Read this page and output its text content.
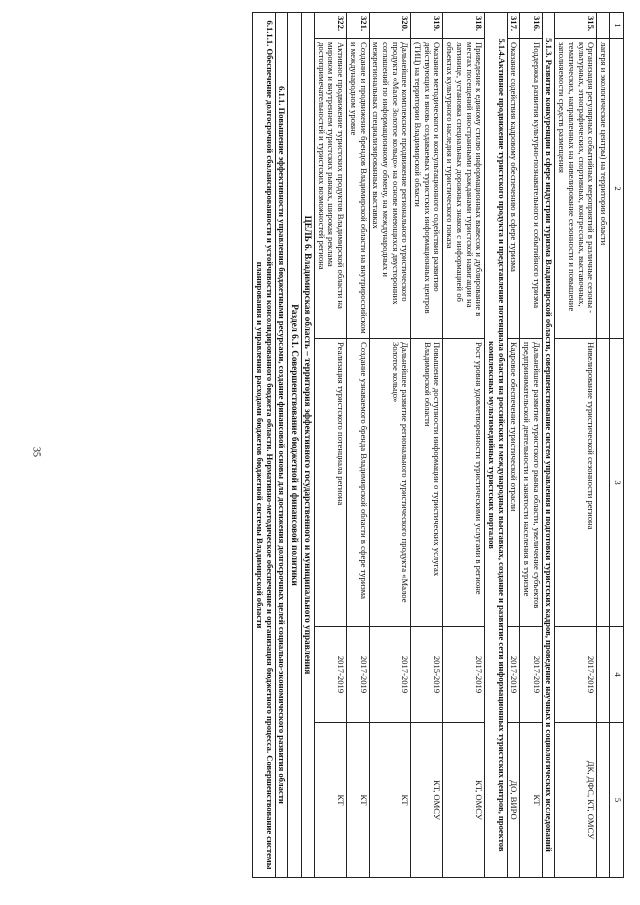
35
1	2	3	4	5
	лагеря и экологические центры) на территории области			
315.	Организация регулярных событийных мероприятий в различные сезоны - культурных, этнографических, спортивных, конгрессных, выставочных, тематических, направленных на нивелирование сезонности и повышение заполняемости средств размещения	Нивелирование туристической сезонности региона	2017-2019	ДК, ДФС, КТ, ОМСУ
5.1.3. Развитие конкуренции в сфере индустрии туризма Владимирской области, совершенствование систем управления и подготовки туристских кадров, проведение научных и социологических исследований				
316.	Поддержка развития культурно-познавательного и событийного туризма	Дальнейшее развитие туристского рынка области, увеличение субъектов предпринимательской деятельности и занятости населения в туризме	2017-2019	КТ
317.	Оказание содействия кадровому обеспечению в сфере туризма	Кадровое обеспечение туристической отрасли	2017-2019	ДО, ВИРО
5.1.4.Активное продвижение туристского продукта и представление потенциала области на российских и международных выставках, создание и развитие сети информационных туристских центров, проектов комплексных мультимедийных туристских порталов				
318.	Приведение к единому стилю информационных вывесок и дублирование в местах посещений иностранными гражданами туристской навигации на латинице, установка специальных дорожных знаков с информацией об объектах культурного наследия и туристического показа	Рост уровня удовлетворенности туристическими услугами в регионе	2017-2019	КТ, ОМСУ
319.	Оказание методического и консультационного содействия развитию действующих и вновь создаваемых туристских информационных центров (ТИЦ) на территории Владимирской области	Повышение доступности информации о туристических услугах Владимирской области	2015-2019	КТ, ОМСУ
320.	Дальнейшее комплексное продвижение регионального туристического продукта «Малое Золотое кольцо» на основе имеющихся двусторонних соглашений по информационному обмену, на международных и межрегиональных специализированных выставках	Дальнейшее развитие регионального туристического продукта «Малое Золотое кольцо»	2017-2019	КТ
321.	Создание и продвижение брендов Владимирской области на внутрироссийском и международном уровне	Создание узнаваемого бренда Владимирской области в сфере туризма	2017-2019	КТ
322.	Активное продвижение туристских продуктов Владимирской области на мировом и внутреннем туристских рынках, широкая реклама достопримечательностей и туристских возможностей региона	Реализация туристского потенциала региона	2017-2019	КТ
ЦЕЛЬ 6. Владимирская область – территория эффективного государственного и муниципального управления				
Раздел 6.1. Совершенствование бюджетной и финансовой политики				
6.1.1. Повышение эффективности управления бюджетными ресурсами, создание финансовой основы для достижения долгосрочных целей социально-экономического развития области				
6.1.1.1. Обеспечение долгосрочной сбалансированности и устойчивости консолидированного бюджета области. Нормативно-методическое обеспечение и организация бюджетного процесса. Совершенствование системы планирования и управления расходами бюджетов бюджетной системы Владимирской области				
